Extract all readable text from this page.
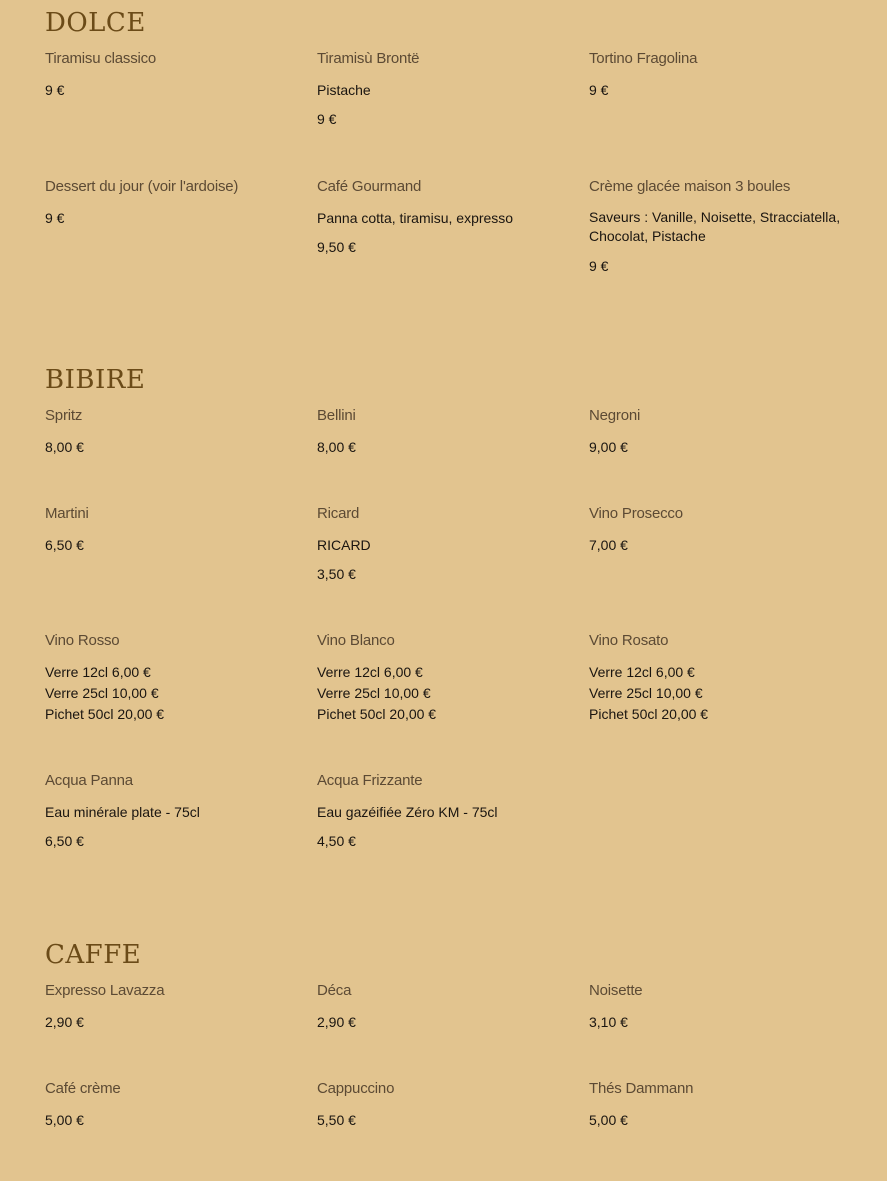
DOLCE

Tiramisu classico

9 €

Tiramisù Brontë

Pistache

9 €

Tortino Fragolina

9 €

Dessert du jour (voir l'ardoise)

9 €

Café Gourmand

Panna cotta, tiramisu, expresso

9,50 €

Crème glacée maison 3 boules

Saveurs : Vanille, Noisette, Stracciatella, Chocolat, Pistache

9 €

BIBIRE

Spritz

8,00 €

Bellini

8,00 €

Negroni

9,00 €

Martini

6,50 €

Ricard

RICARD

3,50 €

Vino Prosecco

7,00 €

Vino Rosso

Verre 12cl 6,00 €
Verre 25cl 10,00 €
Pichet 50cl 20,00 €

Vino Blanco

Verre 12cl 6,00 €
Verre 25cl 10,00 €
Pichet 50cl 20,00 €

Vino Rosato

Verre 12cl 6,00 €
Verre 25cl 10,00 €
Pichet 50cl 20,00 €

Acqua Panna

Eau minérale plate - 75cl

6,50 €

Acqua Frizzante

Eau gazéifiée Zéro KM - 75cl

4,50 €

CAFFE

Expresso Lavazza

2,90 €

Déca

2,90 €

Noisette

3,10 €

Café crème

5,00 €

Cappuccino

5,50 €

Thés Dammann

5,00 €
